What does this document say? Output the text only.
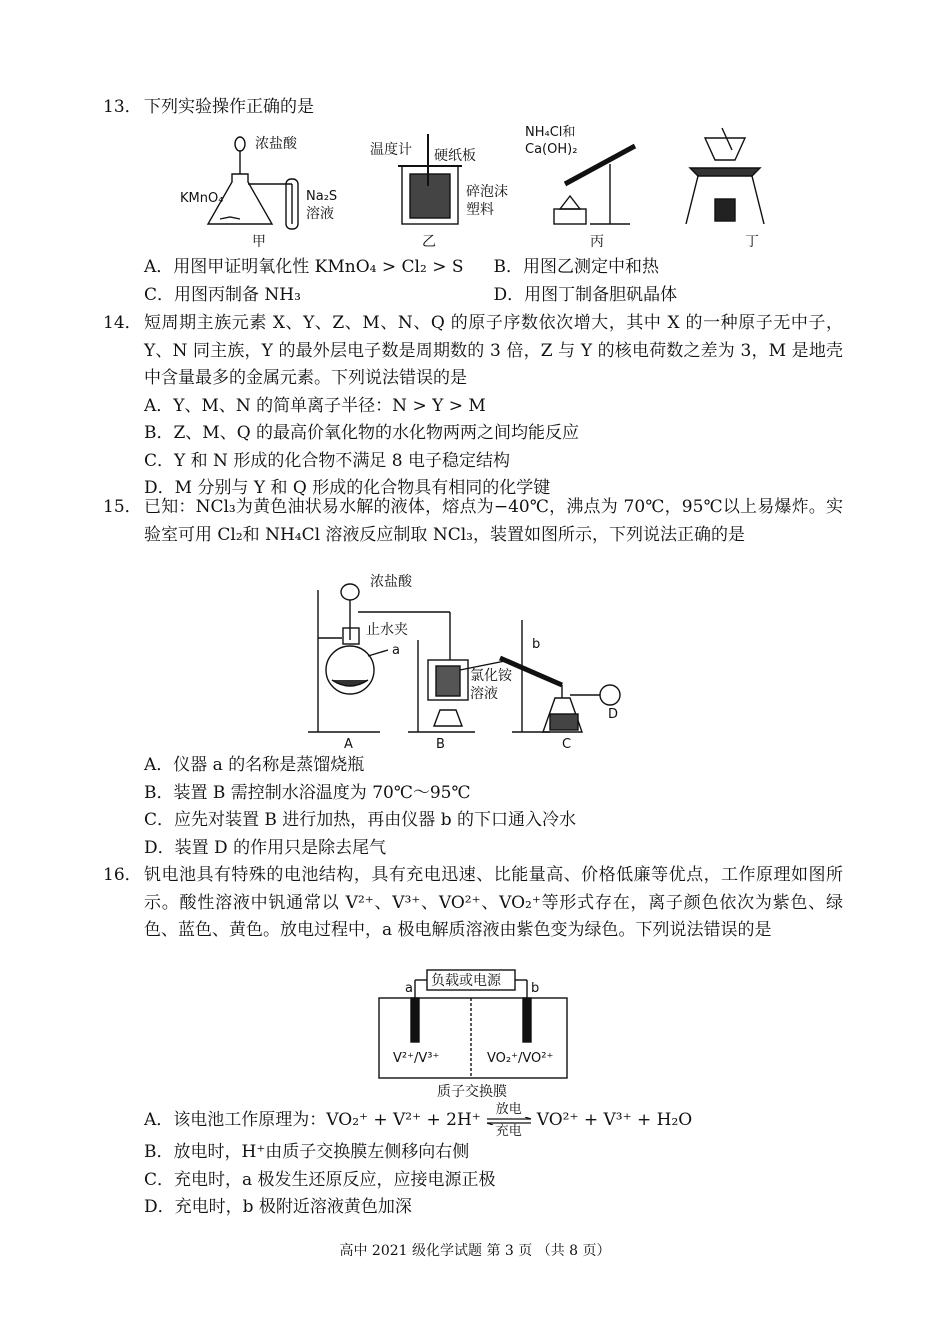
13． 下列实验操作正确的是
浓盐酸
KMnO₄	Na₂S
溶液
甲
温度计 硬纸板
碎泡沫
塑料
乙
NH₄Cl和
Ca(OH)₂
丙	丁
A．用图甲证明氧化性 KMnO₄ > Cl₂ > S	B．用图乙测定中和热
C．用图丙制备 NH₃	D．用图丁制备胆矾晶体
14． 短周期主族元素 X、Y、Z、M、N、Q 的原子序数依次增大，其中 X 的一种原子无中子，Y、N 同主族，Y 的最外层电子数是周期数的 3 倍，Z 与 Y 的核电荷数之差为 3，M 是地壳中含量最多的金属元素。下列说法错误的是
A．Y、M、N 的简单离子半径：N > Y > M
B．Z、M、Q 的最高价氧化物的水化物两两之间均能反应
C．Y 和 N 形成的化合物不满足 8 电子稳定结构
D．M 分别与 Y 和 Q 形成的化合物具有相同的化学键
15． 已知：NCl₃为黄色油状易水解的液体，熔点为−40℃，沸点为 70℃，95℃以上易爆炸。实验室可用 Cl₂和 NH₄Cl 溶液反应制取 NCl₃，装置如图所示，下列说法正确的是
浓盐酸
止水夹
a
A
氯化铵
溶液
B
b
C
D
A．仪器 a 的名称是蒸馏烧瓶
B．装置 B 需控制水浴温度为 70℃～95℃
C．应先对装置 B 进行加热，再由仪器 b 的下口通入冷水
D．装置 D 的作用只是除去尾气
16． 钒电池具有特殊的电池结构，具有充电迅速、比能量高、价格低廉等优点，工作原理如图所示。酸性溶液中钒通常以 V²⁺、V³⁺、VO²⁺、VO₂⁺等形式存在，离子颜色依次为紫色、绿色、蓝色、黄色。放电过程中，a 极电解质溶液由紫色变为绿色。下列说法错误的是
负载或电源
a	b
V²⁺/V³⁺	VO₂⁺/VO²⁺
质子交换膜
A．该电池工作原理为：VO₂⁺ + V²⁺ + 2H⁺
放电
充电
VO²⁺ + V³⁺ + H₂O
B．放电时，H⁺由质子交换膜左侧移向右侧
C．充电时，a 极发生还原反应，应接电源正极
D．充电时，b 极附近溶液黄色加深
高中 2021 级化学试题 第 3 页 （共 8 页）
